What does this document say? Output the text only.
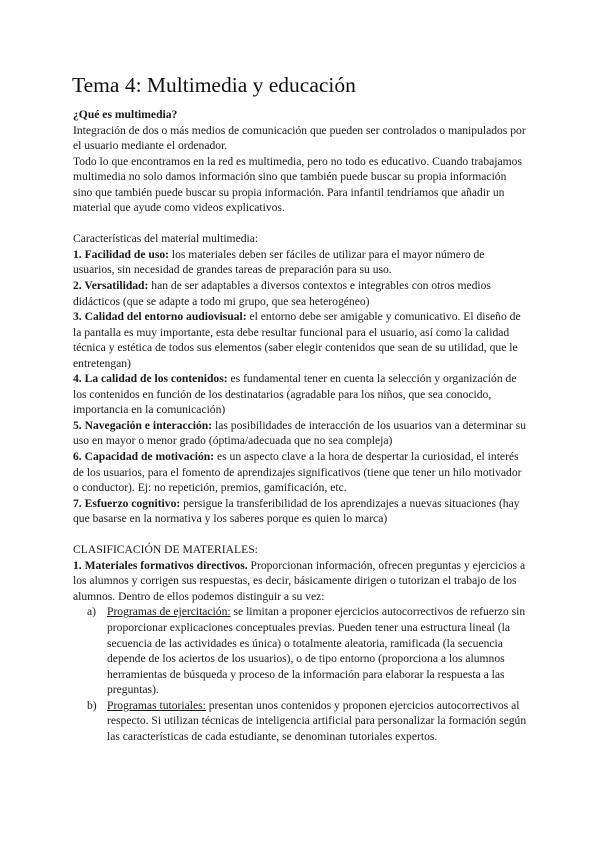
Tema 4: Multimedia y educación

¿Qué es multimedia?

Integración de dos o más medios de comunicación que pueden ser controlados o manipulados por el usuario mediante el ordenador.

Todo lo que encontramos en la red es multimedia, pero no todo es educativo. Cuando trabajamos multimedia no solo damos información sino que también puede buscar su propia información sino que también puede buscar su propia información. Para infantil tendríamos que añadir un material que ayude como videos explicativos.

Características del material multimedia:

1. Facilidad de uso: los materiales deben ser fáciles de utilizar para el mayor número de usuarios, sin necesidad de grandes tareas de preparación para su uso.

2. Versatilidad: han de ser adaptables a diversos contextos e integrables con otros medios didácticos (que se adapte a todo mi grupo, que sea heterogéneo)

3. Calidad del entorno audiovisual: el entorno debe ser amigable y comunicativo. El diseño de la pantalla es muy importante, esta debe resultar funcional para el usuario, así como la calidad técnica y estética de todos sus elementos (saber elegir contenidos que sean de su utilidad, que le entretengan)

4. La calidad de los contenidos: es fundamental tener en cuenta la selección y organización de los contenidos en función de los destinatarios (agradable para los niños, que sea conocido, importancia en la comunicación)

5. Navegación e interacción: las posibilidades de interacción de los usuarios van a determinar su uso en mayor o menor grado (óptima/adecuada que no sea compleja)

6. Capacidad de motivación: es un aspecto clave a la hora de despertar la curiosidad, el interés de los usuarios, para el fomento de aprendizajes significativos (tiene que tener un hilo motivador o conductor). Ej: no repetición, premios, gamificación, etc.

7. Esfuerzo cognitivo: persigue la transferibilidad de los aprendizajes a nuevas situaciones (hay que basarse en la normativa y los saberes porque es quien lo marca)

CLASIFICACIÓN DE MATERIALES:

1. Materiales formativos directivos. Proporcionan información, ofrecen preguntas y ejercicios a los alumnos y corrigen sus respuestas, es decir, básicamente dirigen o tutorizan el trabajo de los alumnos. Dentro de ellos podemos distinguir a su vez:

a) Programas de ejercitación: se limitan a proponer ejercicios autocorrectivos de refuerzo sin proporcionar explicaciones conceptuales previas. Pueden tener una estructura lineal (la secuencia de las actividades es única) o totalmente aleatoria, ramificada (la secuencia depende de los aciertos de los usuarios), o de tipo entorno (proporciona a los alumnos herramientas de búsqueda y proceso de la información para elaborar la respuesta a las preguntas).
b) Programas tutoriales: presentan unos contenidos y proponen ejercicios autocorrectivos al respecto. Si utilizan técnicas de inteligencia artificial para personalizar la formación según las características de cada estudiante, se denominan tutoriales expertos.
